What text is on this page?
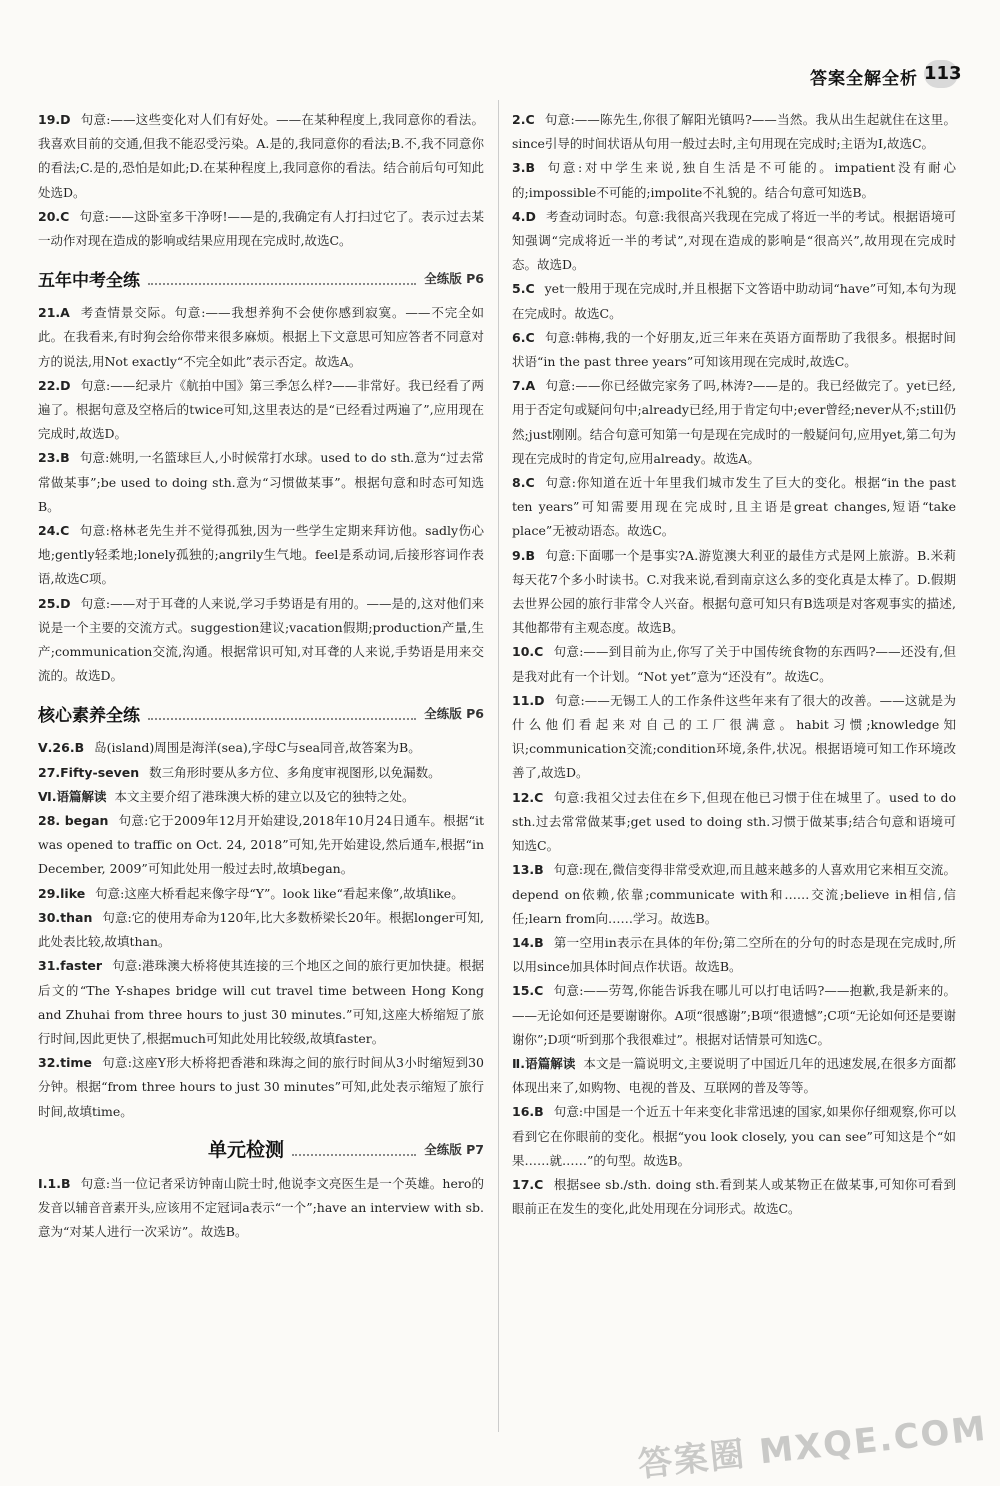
答案全解全析 113

19.D 句意:——这些变化对人们有好处。——在某种程度上,我同意你的看法。我喜欢目前的交通,但我不能忍受污染。A.是的,我同意你的看法;B.不,我不同意你的看法;C.是的,恐怕是如此;D.在某种程度上,我同意你的看法。结合前后句可知此处选D。

20.C 句意:——这卧室多干净呀!——是的,我确定有人打扫过它了。表示过去某一动作对现在造成的影响或结果应用现在完成时,故选C。

五年中考全练	全练版 P6

21.A 考查情景交际。句意:——我想养狗不会使你感到寂寞。——不完全如此。在我看来,有时狗会给你带来很多麻烦。根据上下文意思可知应答者不同意对方的说法,用Not exactly“不完全如此”表示否定。故选A。

22.D 句意:——纪录片《航拍中国》第三季怎么样?——非常好。我已经看了两遍了。根据句意及空格后的twice可知,这里表达的是“已经看过两遍了”,应用现在完成时,故选D。

23.B 句意:姚明,一名篮球巨人,小时候常打水球。used to do sth.意为“过去常常做某事”;be used to doing sth.意为“习惯做某事”。根据句意和时态可知选B。

24.C 句意:格林老先生并不觉得孤独,因为一些学生定期来拜访他。sadly伤心地;gently轻柔地;lonely孤独的;angrily生气地。feel是系动词,后接形容词作表语,故选C项。

25.D 句意:——对于耳聋的人来说,学习手势语是有用的。——是的,这对他们来说是一个主要的交流方式。suggestion建议;vacation假期;production产量,生产;communication交流,沟通。根据常识可知,对耳聋的人来说,手势语是用来交流的。故选D。

核心素养全练	全练版 P6

Ⅴ.26.B 岛(island)周围是海洋(sea),字母C与sea同音,故答案为B。

27.Fifty-seven 数三角形时要从多方位、多角度审视图形,以免漏数。

Ⅵ.语篇解读 本文主要介绍了港珠澳大桥的建立以及它的独特之处。

28. began 句意:它于2009年12月开始建设,2018年10月24日通车。根据“it was opened to traffic on Oct. 24, 2018”可知,先开始建设,然后通车,根据“in December, 2009”可知此处用一般过去时,故填began。

29.like 句意:这座大桥看起来像字母“Y”。look like“看起来像”,故填like。

30.than 句意:它的使用寿命为120年,比大多数桥梁长20年。根据longer可知,此处表比较,故填than。

31.faster 句意:港珠澳大桥将使其连接的三个地区之间的旅行更加快捷。根据后文的“The Y-shapes bridge will cut travel time between Hong Kong and Zhuhai from three hours to just 30 minutes.”可知,这座大桥缩短了旅行时间,因此更快了,根据much可知此处用比较级,故填faster。

32.time 句意:这座Y形大桥将把香港和珠海之间的旅行时间从3小时缩短到30分钟。根据“from three hours to just 30 minutes”可知,此处表示缩短了旅行时间,故填time。

单元检测	全练版 P7

Ⅰ.1.B 句意:当一位记者采访钟南山院士时,他说李文亮医生是一个英雄。hero的发音以辅音音素开头,应该用不定冠词a表示“一个”;have an interview with sb.意为“对某人进行一次采访”。故选B。

2.C 句意:——陈先生,你很了解阳光镇吗?——当然。我从出生起就住在这里。since引导的时间状语从句用一般过去时,主句用现在完成时;主语为I,故选C。

3.B 句意:对中学生来说,独自生活是不可能的。impatient没有耐心的;impossible不可能的;impolite不礼貌的。结合句意可知选B。

4.D 考查动词时态。句意:我很高兴我现在完成了将近一半的考试。根据语境可知强调“完成将近一半的考试”,对现在造成的影响是“很高兴”,故用现在完成时态。故选D。

5.C yet一般用于现在完成时,并且根据下文答语中助动词“have”可知,本句为现在完成时。故选C。

6.C 句意:韩梅,我的一个好朋友,近三年来在英语方面帮助了我很多。根据时间状语“in the past three years”可知该用现在完成时,故选C。

7.A 句意:——你已经做完家务了吗,林涛?——是的。我已经做完了。yet已经,用于否定句或疑问句中;already已经,用于肯定句中;ever曾经;never从不;still仍然;just刚刚。结合句意可知第一句是现在完成时的一般疑问句,应用yet,第二句为现在完成时的肯定句,应用already。故选A。

8.C 句意:你知道在近十年里我们城市发生了巨大的变化。根据“in the past ten years”可知需要用现在完成时,且主语是great changes,短语“take place”无被动语态。故选C。

9.B 句意:下面哪一个是事实?A.游览澳大利亚的最佳方式是网上旅游。B.米莉每天花7个多小时读书。C.对我来说,看到南京这么多的变化真是太棒了。D.假期去世界公园的旅行非常令人兴奋。根据句意可知只有B选项是对客观事实的描述,其他都带有主观态度。故选B。

10.C 句意:——到目前为止,你写了关于中国传统食物的东西吗?——还没有,但是我对此有一个计划。“Not yet”意为“还没有”。故选C。

11.D 句意:——无锡工人的工作条件这些年来有了很大的改善。——这就是为什么他们看起来对自己的工厂很满意。habit习惯;knowledge知识;communication交流;condition环境,条件,状况。根据语境可知工作环境改善了,故选D。

12.C 句意:我祖父过去住在乡下,但现在他已习惯于住在城里了。used to do sth.过去常常做某事;get used to doing sth.习惯于做某事;结合句意和语境可知选C。

13.B 句意:现在,微信变得非常受欢迎,而且越来越多的人喜欢用它来相互交流。depend on依赖,依靠;communicate with和……交流;believe in相信,信任;learn from向……学习。故选B。

14.B 第一空用in表示在具体的年份;第二空所在的分句的时态是现在完成时,所以用since加具体时间点作状语。故选B。

15.C 句意:——劳驾,你能告诉我在哪儿可以打电话吗?——抱歉,我是新来的。——无论如何还是要谢谢你。A项“很感谢”;B项“很遗憾”;C项“无论如何还是要谢谢你”;D项“听到那个我很难过”。根据对话情景可知选C。

Ⅱ.语篇解读 本文是一篇说明文,主要说明了中国近几年的迅速发展,在很多方面都体现出来了,如购物、电视的普及、互联网的普及等等。

16.B 句意:中国是一个近五十年来变化非常迅速的国家,如果你仔细观察,你可以看到它在你眼前的变化。根据“you look closely, you can see”可知这是个“如果……就……”的句型。故选B。

17.C 根据see sb./sth. doing sth.看到某人或某物正在做某事,可知你可看到眼前正在发生的变化,此处用现在分词形式。故选C。

答案圈 MXQE.COM
